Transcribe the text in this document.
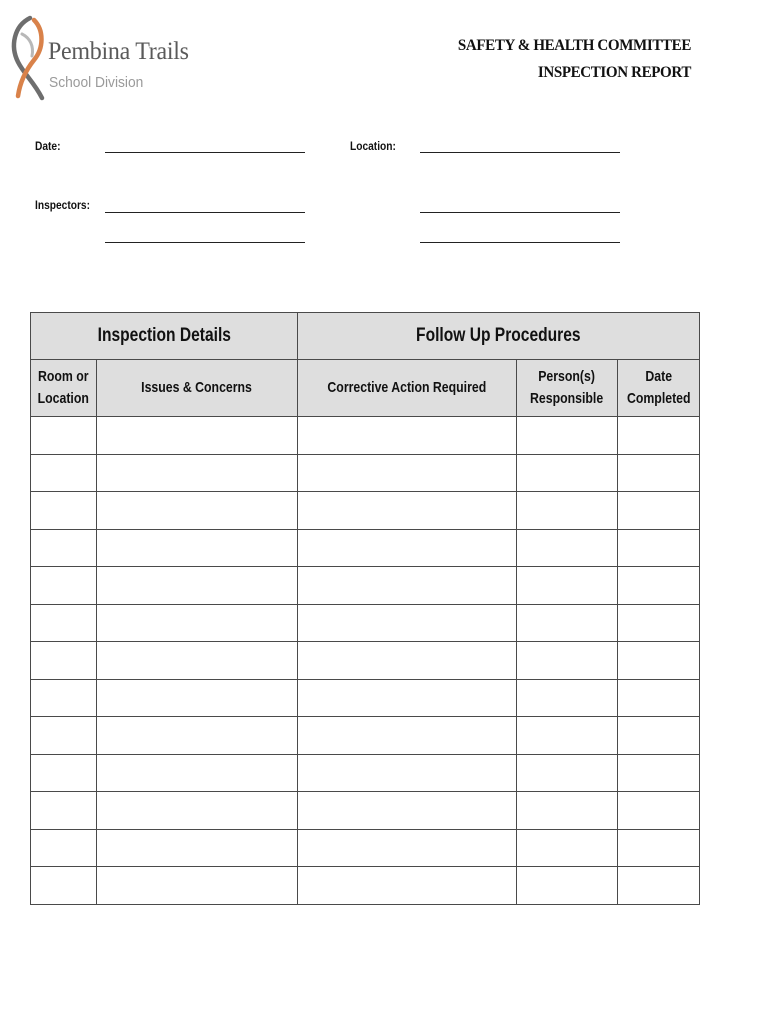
Pembina Trails
School Division
SAFETY & HEALTH COMMITTEE
INSPECTION REPORT
Date:	Location:
Inspectors:
Inspection Details		Follow Up Procedures		
Room or
Location	Issues & Concerns	Corrective Action Required	Person(s)
Responsible	Date
Completed
